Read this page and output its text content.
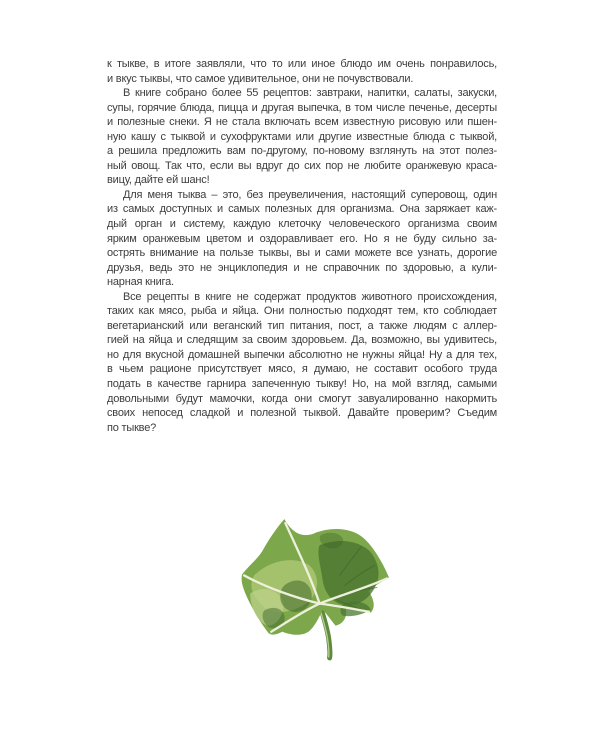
к тыкве, в итоге заявляли, что то или иное блюдо им очень понравилось,
и вкус тыквы, что самое удивительное, они не почувствовали.
В книге собрано более 55 рецептов: завтраки, напитки, салаты, закуски,
супы, горячие блюда, пицца и другая выпечка, в том числе печенье, десерты
и полезные снеки. Я не стала включать всем известную рисовую или пшен-
ную кашу с тыквой и сухофруктами или другие известные блюда с тыквой,
а решила предложить вам по-другому, по-новому взглянуть на этот полез-
ный овощ. Так что, если вы вдруг до сих пор не любите оранжевую краса-
вицу, дайте ей шанс!
Для меня тыква – это, без преувеличения, настоящий суперовощ, один
из самых доступных и самых полезных для организма. Она заряжает каж-
дый орган и систему, каждую клеточку человеческого организма своим
ярким оранжевым цветом и оздоравливает его. Но я не буду сильно за-
острять внимание на пользе тыквы, вы и сами можете все узнать, дорогие
друзья, ведь это не энциклопедия и не справочник по здоровью, а кули-
нарная книга.
Все рецепты в книге не содержат продуктов животного происхождения,
таких как мясо, рыба и яйца. Они полностью подходят тем, кто соблюдает
вегетарианский или веганский тип питания, пост, а также людям с аллер-
гией на яйца и следящим за своим здоровьем. Да, возможно, вы удивитесь,
но для вкусной домашней выпечки абсолютно не нужны яйца! Ну а для тех,
в чьем рационе присутствует мясо, я думаю, не составит особого труда
подать в качестве гарнира запеченную тыкву! Но, на мой взгляд, самыми
довольными будут мамочки, когда они смогут завуалированно накормить
своих непосед сладкой и полезной тыквой. Давайте проверим? Съедим
по тыкве?
